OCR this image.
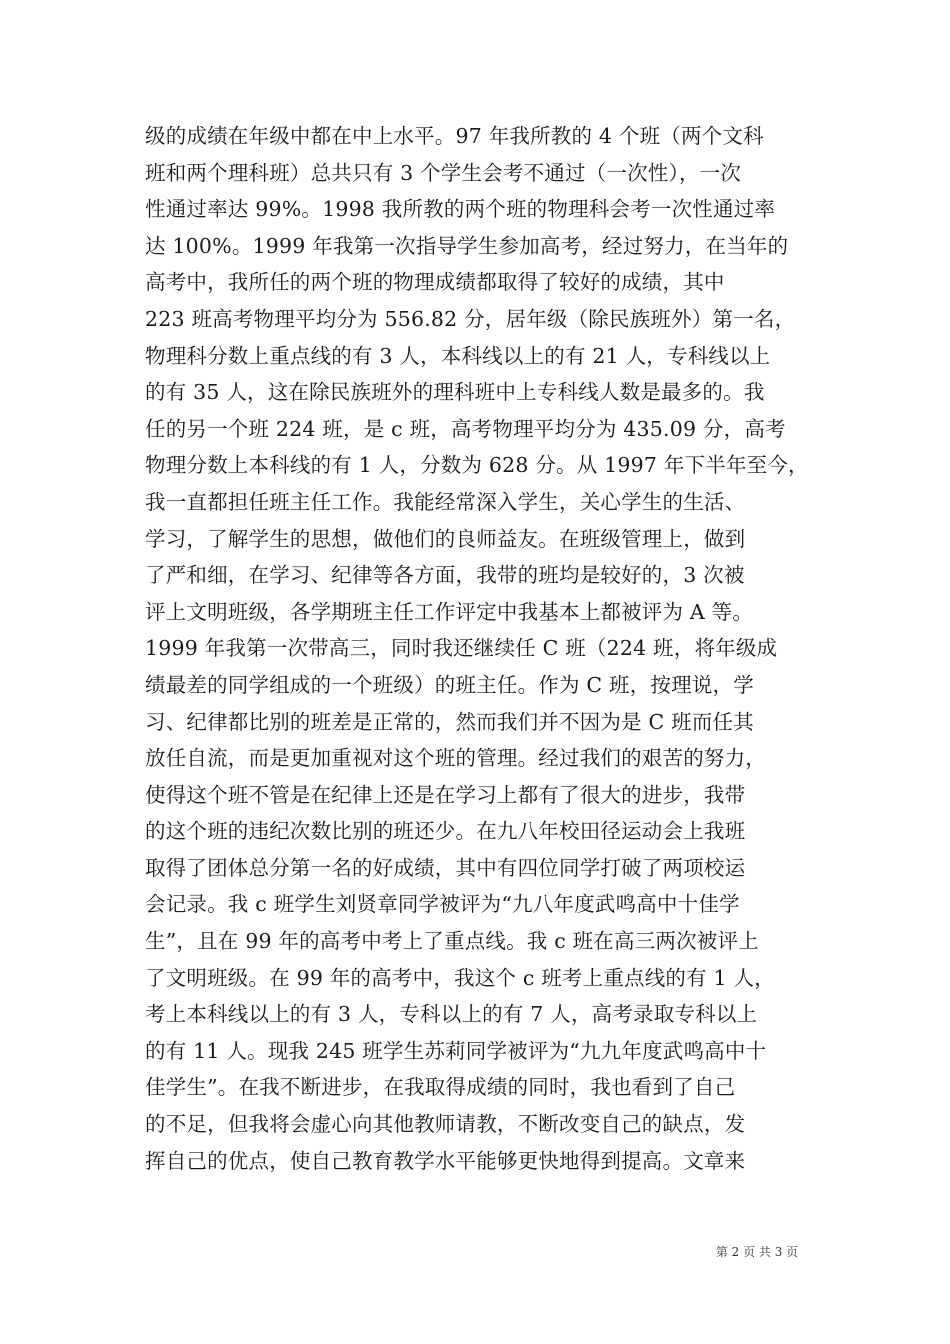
级的成绩在年级中都在中上水平。97 年我所教的 4 个班（两个文科
班和两个理科班）总共只有 3 个学生会考不通过（一次性），一次
性通过率达 99%。1998 我所教的两个班的物理科会考一次性通过率
达 100%。1999 年我第一次指导学生参加高考，经过努力，在当年的
高考中，我所任的两个班的物理成绩都取得了较好的成绩，其中
223 班高考物理平均分为 556.82 分，居年级（除民族班外）第一名，
物理科分数上重点线的有 3 人，本科线以上的有 21 人，专科线以上
的有 35 人，这在除民族班外的理科班中上专科线人数是最多的。我
任的另一个班 224 班，是 c 班，高考物理平均分为 435.09 分，高考
物理分数上本科线的有 1 人，分数为 628 分。从 1997 年下半年至今，
我一直都担任班主任工作。我能经常深入学生，关心学生的生活、
学习，了解学生的思想，做他们的良师益友。在班级管理上，做到
了严和细，在学习、纪律等各方面，我带的班均是较好的，3 次被
评上文明班级，各学期班主任工作评定中我基本上都被评为 A 等。
1999 年我第一次带高三，同时我还继续任 C 班（224 班，将年级成
绩最差的同学组成的一个班级）的班主任。作为 C 班，按理说，学
习、纪律都比别的班差是正常的，然而我们并不因为是 C 班而任其
放任自流，而是更加重视对这个班的管理。经过我们的艰苦的努力，
使得这个班不管是在纪律上还是在学习上都有了很大的进步，我带
的这个班的违纪次数比别的班还少。在九八年校田径运动会上我班
取得了团体总分第一名的好成绩，其中有四位同学打破了两项校运
会记录。我 c 班学生刘贤章同学被评为“九八年度武鸣高中十佳学
生”，且在 99 年的高考中考上了重点线。我 c 班在高三两次被评上
了文明班级。在 99 年的高考中，我这个 c 班考上重点线的有 1 人，
考上本科线以上的有 3 人，专科以上的有 7 人，高考录取专科以上
的有 11 人。现我 245 班学生苏莉同学被评为“九九年度武鸣高中十
佳学生”。在我不断进步，在我取得成绩的同时，我也看到了自己
的不足，但我将会虚心向其他教师请教，不断改变自己的缺点，发
挥自己的优点，使自己教育教学水平能够更快地得到提高。文章来
第 2 页 共 3 页
